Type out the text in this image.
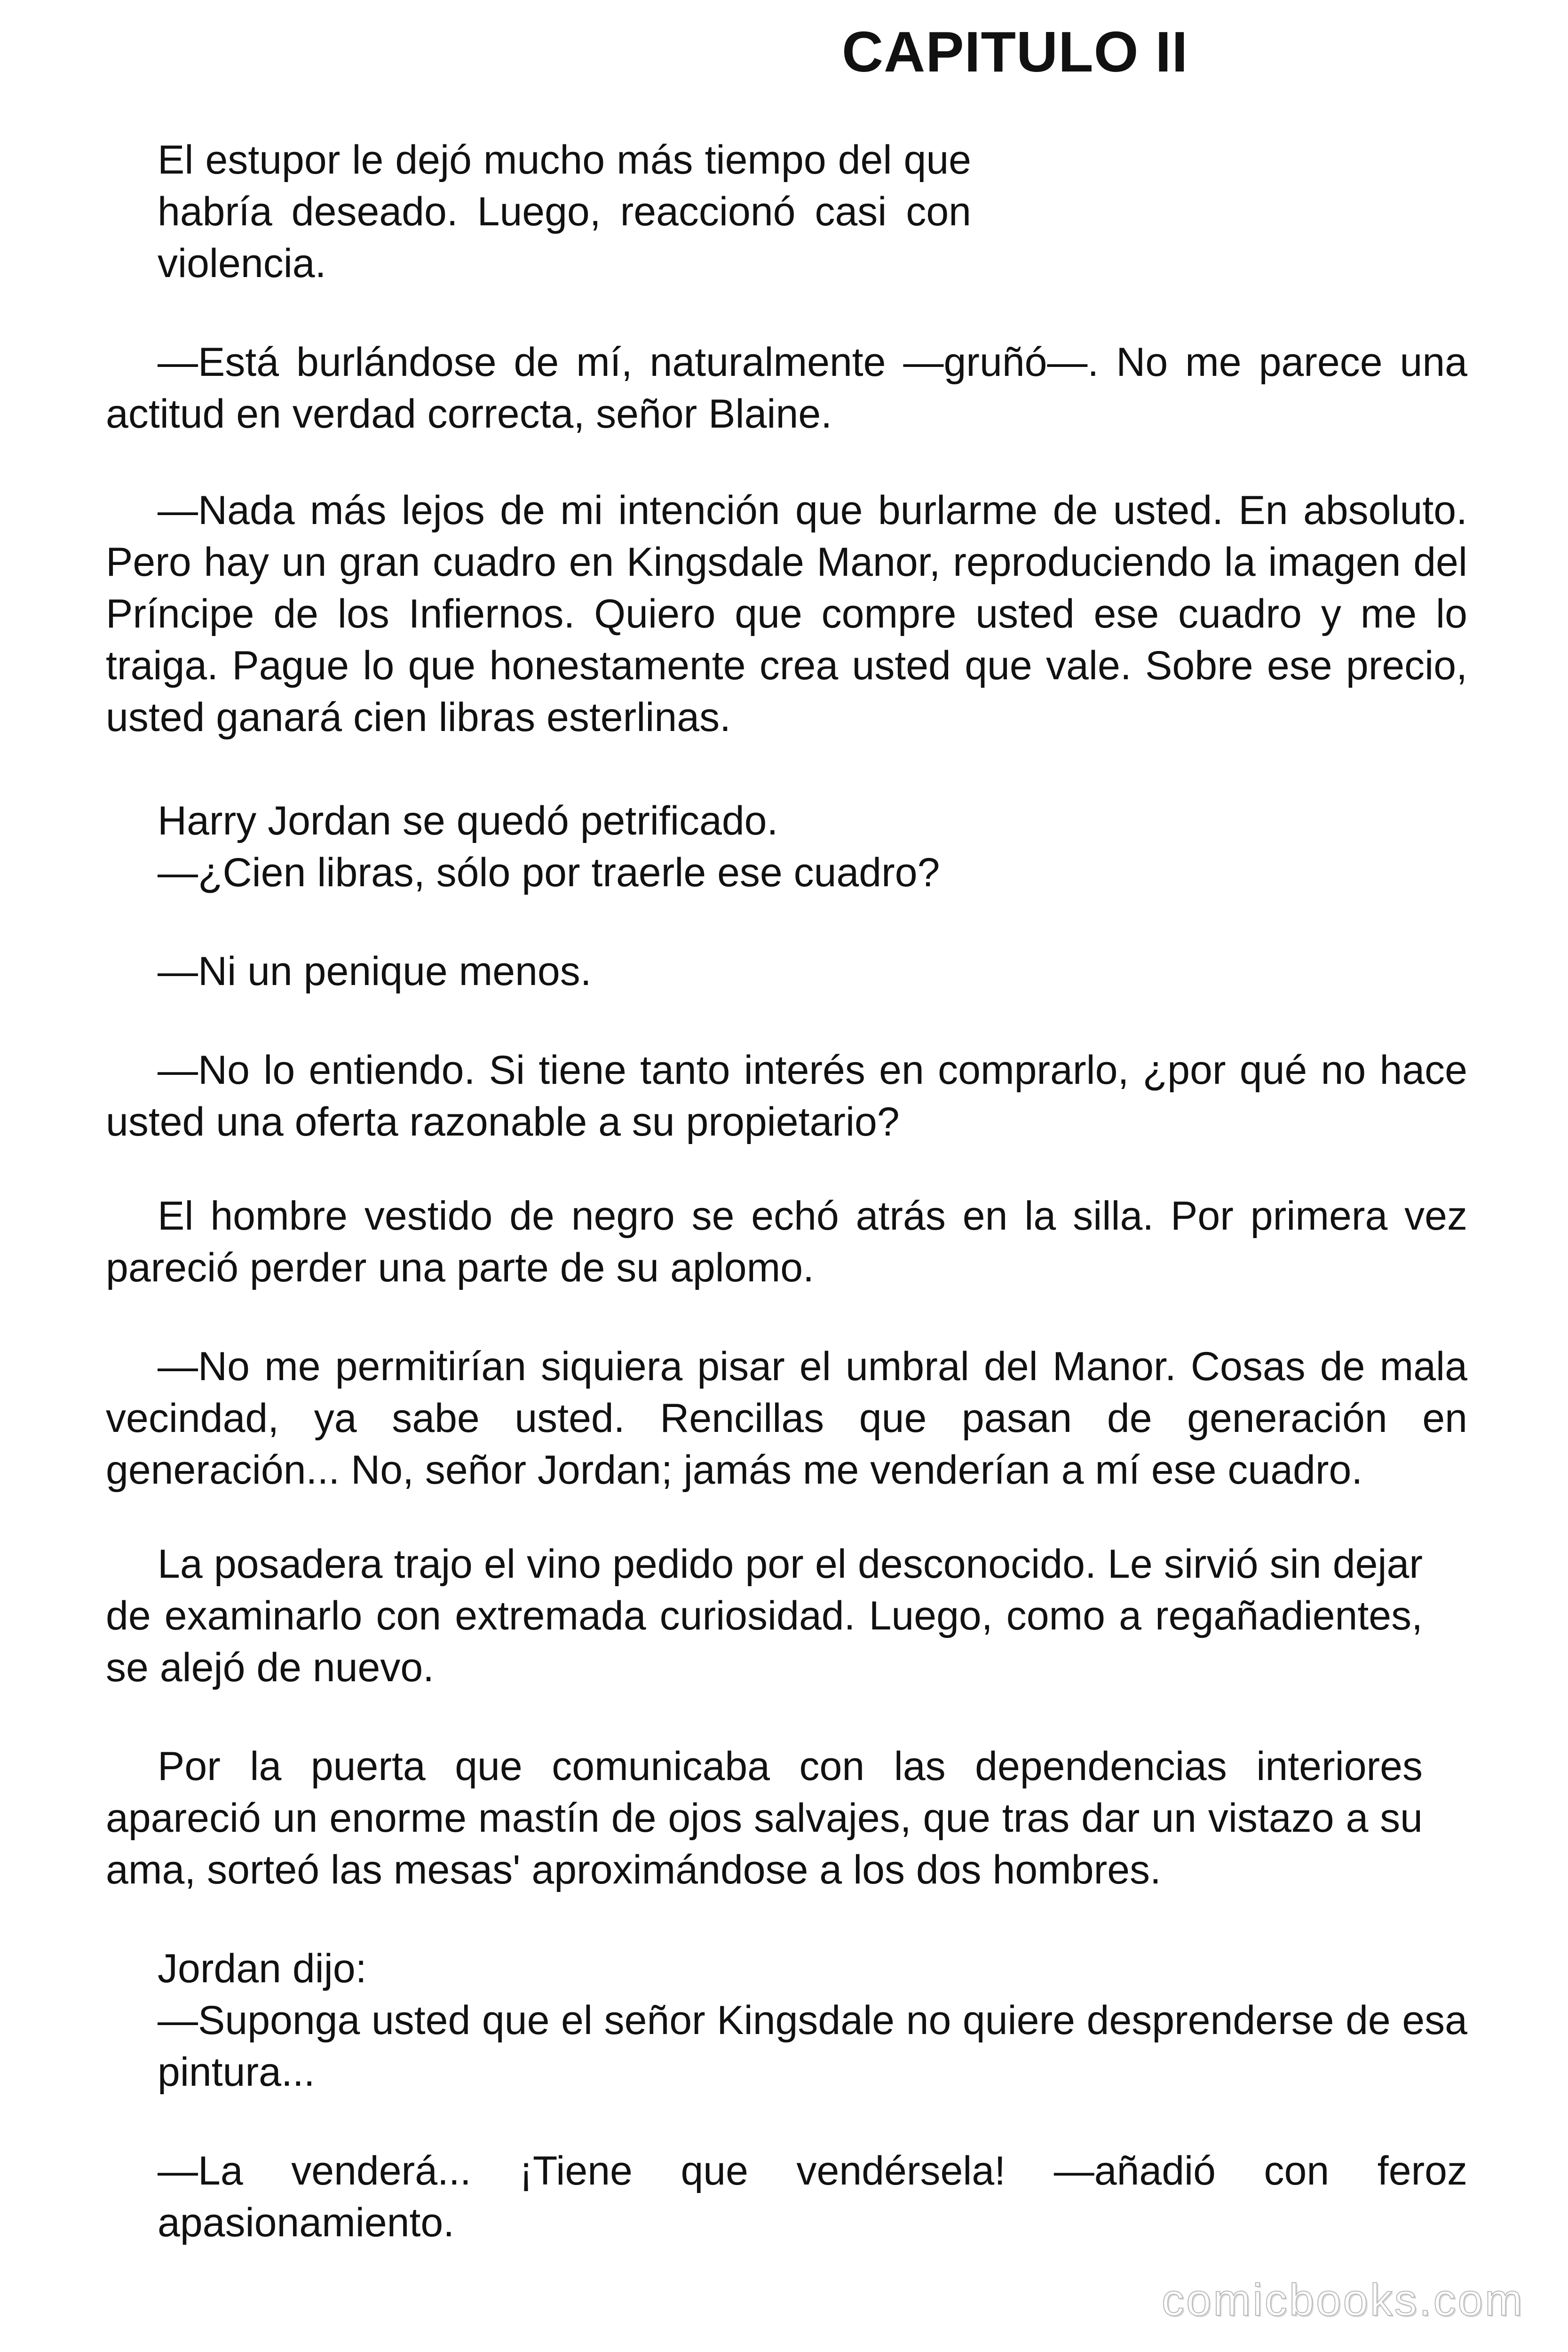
CAPITULO II

El estupor le dejó mucho más tiempo del que habría deseado. Luego, reaccionó casi con violencia.

—Está burlándose de mí, naturalmente —gruñó—. No me parece una actitud en verdad correcta, señor Blaine.

—Nada más lejos de mi intención que burlarme de usted. En absoluto. Pero hay un gran cuadro en Kingsdale Manor, reproduciendo la imagen del Príncipe de los Infiernos. Quiero que compre usted ese cuadro y me lo traiga. Pague lo que honestamente crea usted que vale. Sobre ese precio, usted ganará cien libras esterlinas.

Harry Jordan se quedó petrificado.

—¿Cien libras, sólo por traerle ese cuadro?

—Ni un penique menos.

—No lo entiendo. Si tiene tanto interés en comprarlo, ¿por qué no hace usted una oferta razonable a su propietario?

El hombre vestido de negro se echó atrás en la silla. Por primera vez pareció perder una parte de su aplomo.

—No me permitirían siquiera pisar el umbral del Manor. Cosas de mala vecindad, ya sabe usted. Rencillas que pasan de generación en generación... No, señor Jordan; jamás me venderían a mí ese cuadro.

La posadera trajo el vino pedido por el desconocido. Le sirvió sin dejar de examinarlo con extremada curiosidad. Luego, como a regañadientes, se alejó de nuevo.

Por la puerta que comunicaba con las dependencias interiores apareció un enorme mastín de ojos salvajes, que tras dar un vistazo a su ama, sorteó las mesas' aproximándose a los dos hombres.

Jordan dijo:

—Suponga usted que el señor Kingsdale no quiere desprenderse de esa pintura...

—La venderá... ¡Tiene que vendérsela! —añadió con feroz apasionamiento.

comicbooks.com
